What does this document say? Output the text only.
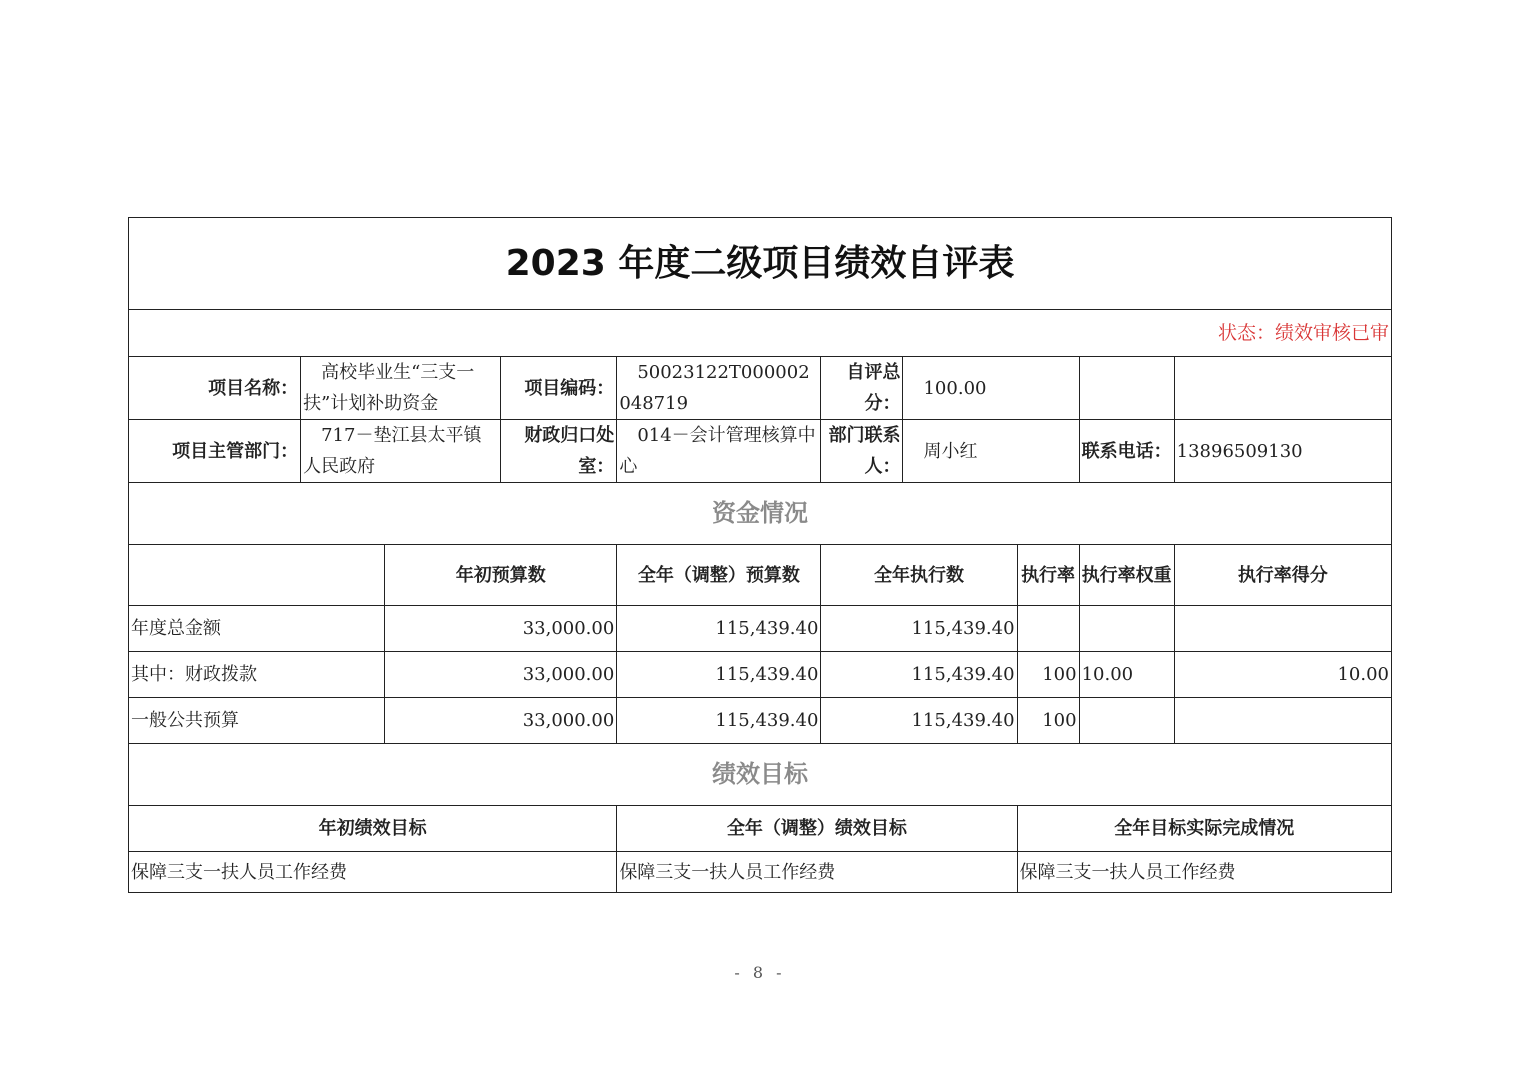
2023 年度二级项目绩效自评表									
状态：绩效审核已审									
项目名称：	高校毕业生“三支一扶”计划补助资金		项目编码：	50023122T000002048719	自评总分：	100.00			
项目主管部门：	717－垫江县太平镇人民政府		财政归口处室：	014－会计管理核算中心	部门联系人：	周小红		联系电话：	13896509130
资金情况									
		年初预算数		全年（调整）预算数	全年执行数		执行率	执行率权重	执行率得分
年度总金额		33,000.00		115,439.40	115,439.40				
其中：财政拨款		33,000.00		115,439.40	115,439.40		100	10.00	10.00
一般公共预算		33,000.00		115,439.40	115,439.40		100		
绩效目标									
年初绩效目标				全年（调整）绩效目标			全年目标实际完成情况		
保障三支一扶人员工作经费				保障三支一扶人员工作经费			保障三支一扶人员工作经费		
- 8 -
